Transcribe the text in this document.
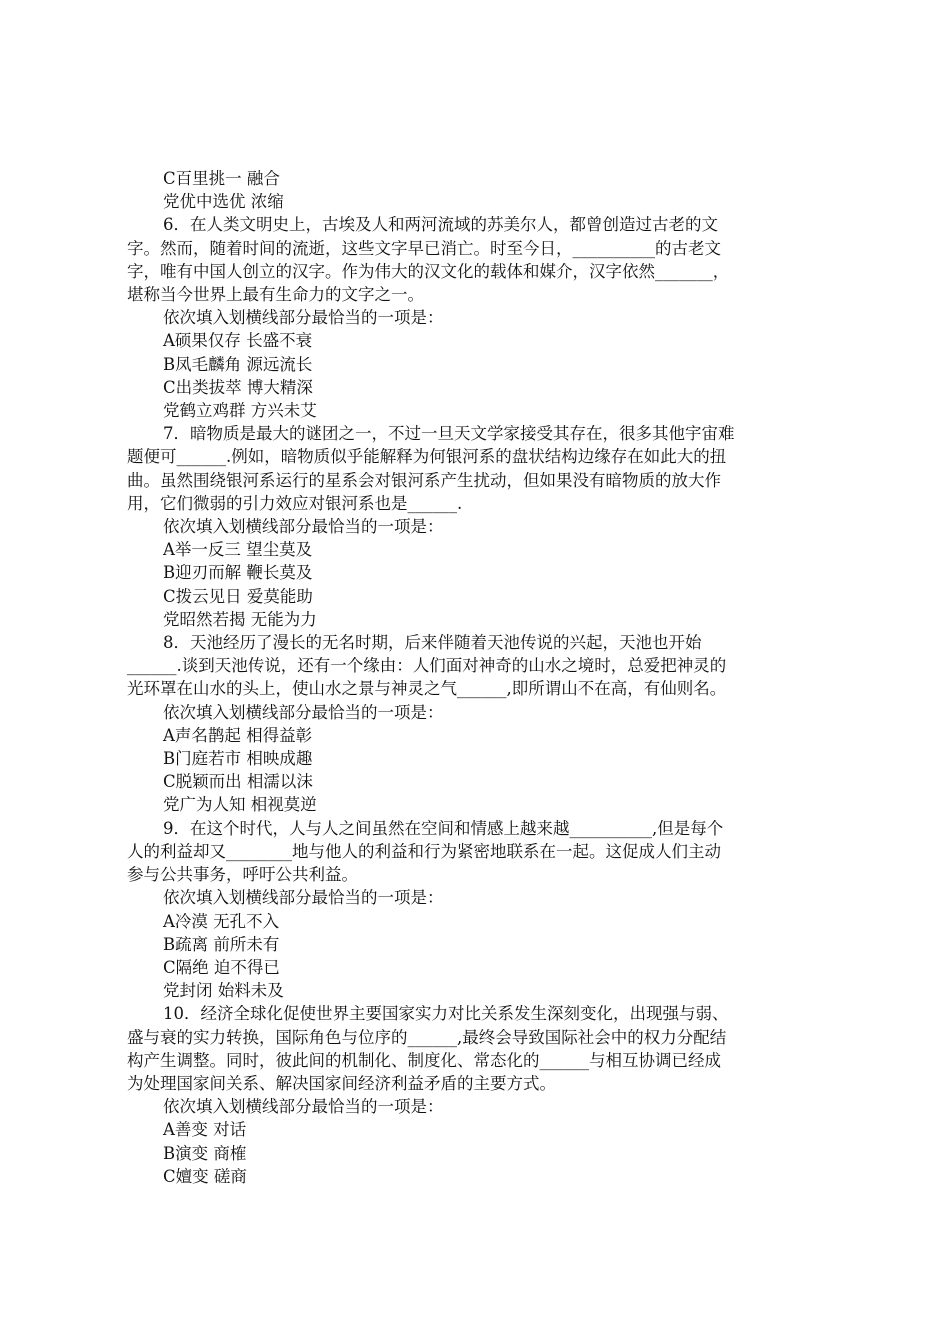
C百里挑一 融合
党优中选优 浓缩
6．在人类文明史上，古埃及人和两河流域的苏美尔人，都曾创造过古老的文
字。然而，随着时间的流逝，这些文字早已消亡。时至今日，__________的古老文
字，唯有中国人创立的汉字。作为伟大的汉文化的载体和媒介，汉字依然_______，
堪称当今世界上最有生命力的文字之一。
依次填入划横线部分最恰当的一项是：
A硕果仅存 长盛不衰
B凤毛麟角 源远流长
C出类拔萃 博大精深
党鹤立鸡群 方兴未艾
7．暗物质是最大的谜团之一，不过一旦天文学家接受其存在，很多其他宇宙难
题便可______.例如，暗物质似乎能解释为何银河系的盘状结构边缘存在如此大的扭
曲。虽然围绕银河系运行的星系会对银河系产生扰动，但如果没有暗物质的放大作
用，它们微弱的引力效应对银河系也是______.
依次填入划横线部分最恰当的一项是：
A举一反三 望尘莫及
B迎刃而解 鞭长莫及
C拨云见日 爱莫能助
党昭然若揭 无能为力
8．天池经历了漫长的无名时期，后来伴随着天池传说的兴起，天池也开始
______.谈到天池传说，还有一个缘由：人们面对神奇的山水之境时，总爱把神灵的
光环罩在山水的头上，使山水之景与神灵之气______,即所谓山不在高，有仙则名。
依次填入划横线部分最恰当的一项是：
A声名鹊起 相得益彰
B门庭若市 相映成趣
C脱颖而出 相濡以沫
党广为人知 相视莫逆
9．在这个时代，人与人之间虽然在空间和情感上越来越__________,但是每个
人的利益却又________地与他人的利益和行为紧密地联系在一起。这促成人们主动
参与公共事务，呼吁公共利益。
依次填入划横线部分最恰当的一项是：
A冷漠 无孔不入
B疏离 前所未有
C隔绝 迫不得已
党封闭 始料未及
10．经济全球化促使世界主要国家实力对比关系发生深刻变化，出现强与弱、
盛与衰的实力转换，国际角色与位序的______,最终会导致国际社会中的权力分配结
构产生调整。同时，彼此间的机制化、制度化、常态化的______与相互协调已经成
为处理国家间关系、解决国家间经济利益矛盾的主要方式。
依次填入划横线部分最恰当的一项是：
A善变 对话
B演变 商榷
C嬗变 磋商
